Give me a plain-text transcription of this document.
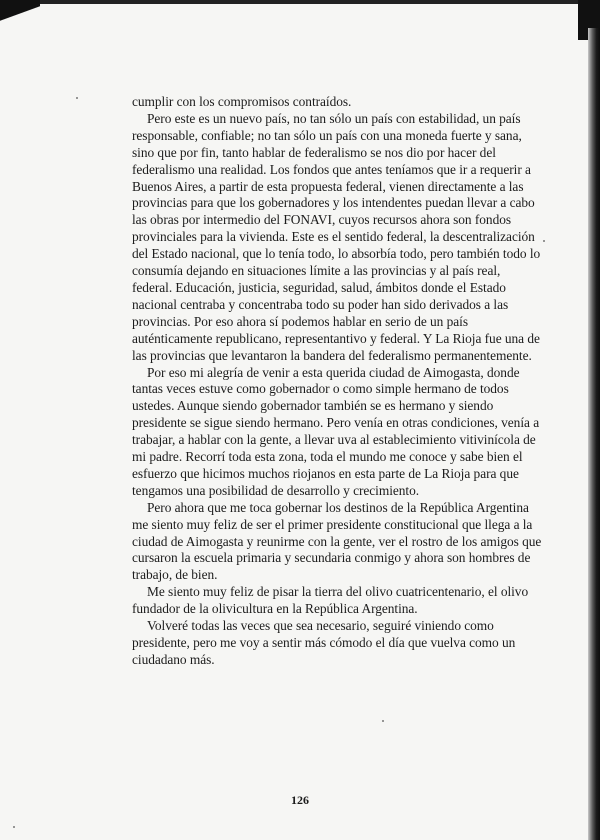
cumplir con los compromisos contraídos.

Pero este es un nuevo país, no tan sólo un país con estabilidad, un país responsable, confiable; no tan sólo un país con una moneda fuerte y sana, sino que por fin, tanto hablar de federalismo se nos dio por hacer del federalismo una realidad. Los fondos que antes teníamos que ir a requerir a Buenos Aires, a partir de esta propuesta federal, vienen directamente a las provincias para que los gobernadores y los intendentes puedan llevar a cabo las obras por intermedio del FONAVI, cuyos recursos ahora son fondos provinciales para la vivienda. Este es el sentido federal, la descentralización del Estado nacional, que lo tenía todo, lo absorbía todo, pero también todo lo consumía dejando en situaciones límite a las provincias y al país real, federal. Educación, justicia, seguridad, salud, ámbitos donde el Estado nacional centraba y concentraba todo su poder han sido derivados a las provincias. Por eso ahora sí podemos hablar en serio de un país auténticamente republicano, representantivo y federal. Y La Rioja fue una de las provincias que levantaron la bandera del federalismo permanentemente.

Por eso mi alegría de venir a esta querida ciudad de Aimogasta, donde tantas veces estuve como gobernador o como simple hermano de todos ustedes. Aunque siendo gobernador también se es hermano y siendo presidente se sigue siendo hermano. Pero venía en otras condiciones, venía a trabajar, a hablar con la gente, a llevar uva al establecimiento vitivinícola de mi padre. Recorrí toda esta zona, toda el mundo me conoce y sabe bien el esfuerzo que hicimos muchos riojanos en esta parte de La Rioja para que tengamos una posibilidad de desarrollo y crecimiento.

Pero ahora que me toca gobernar los destinos de la República Argentina me siento muy feliz de ser el primer presidente constitucional que llega a la ciudad de Aimogasta y reunirme con la gente, ver el rostro de los amigos que cursaron la escuela primaria y secundaria conmigo y ahora son hombres de trabajo, de bien.

Me siento muy feliz de pisar la tierra del olivo cuatricentenario, el olivo fundador de la olivicultura en la República Argentina.

Volveré todas las veces que sea necesario, seguiré viniendo como presidente, pero me voy a sentir más cómodo el día que vuelva como un ciudadano más.

126
